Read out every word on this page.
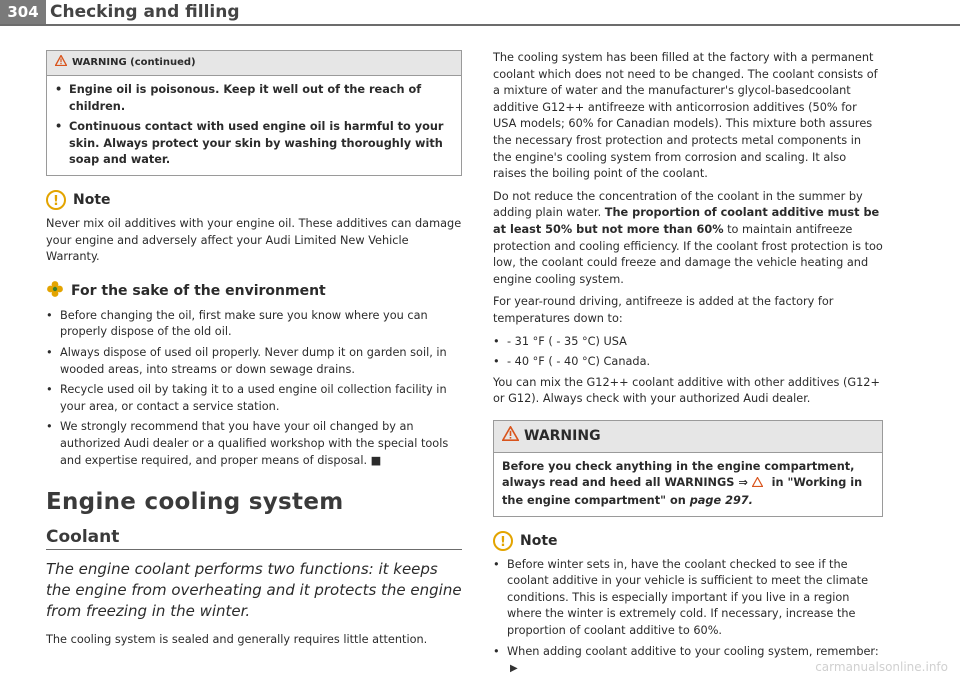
304 Checking and filling
WARNING (continued)

• Engine oil is poisonous. Keep it well out of the reach of children.

• Continuous contact with used engine oil is harmful to your skin. Always protect your skin by washing thoroughly with soap and water.

!	Note

Never mix oil additives with your engine oil. These additives can damage your engine and adversely affect your Audi Limited New Vehicle Warranty.

For the sake of the environment

• Before changing the oil, first make sure you know where you can properly dispose of the old oil.

• Always dispose of used oil properly. Never dump it on garden soil, in wooded areas, into streams or down sewage drains.

• Recycle used oil by taking it to a used engine oil collection facility in your area, or contact a service station.

• We strongly recommend that you have your oil changed by an authorized Audi dealer or a qualified workshop with the special tools and expertise required, and proper means of disposal. ■

Engine cooling system
Coolant

The engine coolant performs two functions: it keeps the engine from overheating and it protects the engine from freezing in the winter.

The cooling system is sealed and generally requires little attention.

The cooling system has been filled at the factory with a permanent coolant which does not need to be changed. The coolant consists of a mixture of water and the manufacturer's glycol-basedcoolant additive G12++ antifreeze with anticorrosion additives (50% for USA models; 60% for Canadian models). This mixture both assures the necessary frost protection and protects metal components in the engine's cooling system from corrosion and scaling. It also raises the boiling point of the coolant.

Do not reduce the concentration of the coolant in the summer by adding plain water. The proportion of coolant additive must be at least 50% but not more than 60% to maintain antifreeze protection and cooling efficiency. If the coolant frost protection is too low, the coolant could freeze and damage the vehicle heating and engine cooling system.

For year-round driving, antifreeze is added at the factory for temperatures down to:

• - 31 °F ( - 35 °C) USA

• - 40 °F ( - 40 °C) Canada.

You can mix the G12++ coolant additive with other additives (G12+ or G12). Always check with your authorized Audi dealer.

WARNING

Before you check anything in the engine compartment, always read and heed all WARNINGS ⇒  in "Working in the engine compartment" on page 297.

!	Note

• Before winter sets in, have the coolant checked to see if the coolant additive in your vehicle is sufficient to meet the climate conditions. This is especially important if you live in a region where the winter is extremely cold. If necessary, increase the proportion of coolant additive to 60%.

• When adding coolant additive to your cooling system, remember:▶	carmanualsonline.info
